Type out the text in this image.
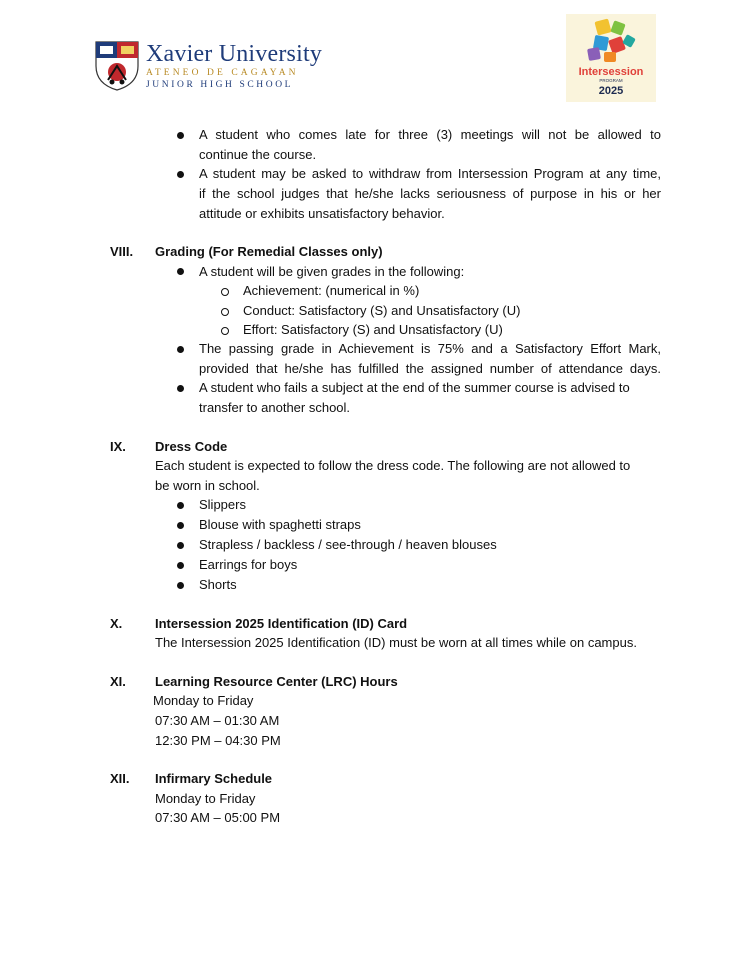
Xavier University
ATENEO DE CAGAYAN
JUNIOR HIGH SCHOOL
Intersession
PROGRAM
2025
A student who comes late for three (3) meetings will not be allowed to
continue the course.
A student may be asked to withdraw from Intersession Program at any time,
if the school judges that he/she lacks seriousness of purpose in his or her
attitude or exhibits unsatisfactory behavior.
VIII. Grading (For Remedial Classes only)
A student will be given grades in the following:
Achievement: (numerical in %)
Conduct: Satisfactory (S) and Unsatisfactory (U)
Effort: Satisfactory (S) and Unsatisfactory (U)
The passing grade in Achievement is 75% and a Satisfactory Effort Mark,
provided that he/she has fulfilled the assigned number of attendance days.
A student who fails a subject at the end of the summer course is advised to
transfer to another school.
IX. Dress Code
Each student is expected to follow the dress code. The following are not allowed to
be worn in school.
Slippers
Blouse with spaghetti straps
Strapless / backless / see-through / heaven blouses
Earrings for boys
Shorts
X.	Intersession 2025 Identification (ID) Card
The Intersession 2025 Identification (ID) must be worn at all times while on campus.
XI. Learning Resource Center (LRC) Hours
Monday to Friday
07:30 AM – 01:30 AM
12:30 PM – 04:30 PM
XII. Infirmary Schedule
Monday to Friday
07:30 AM – 05:00 PM
